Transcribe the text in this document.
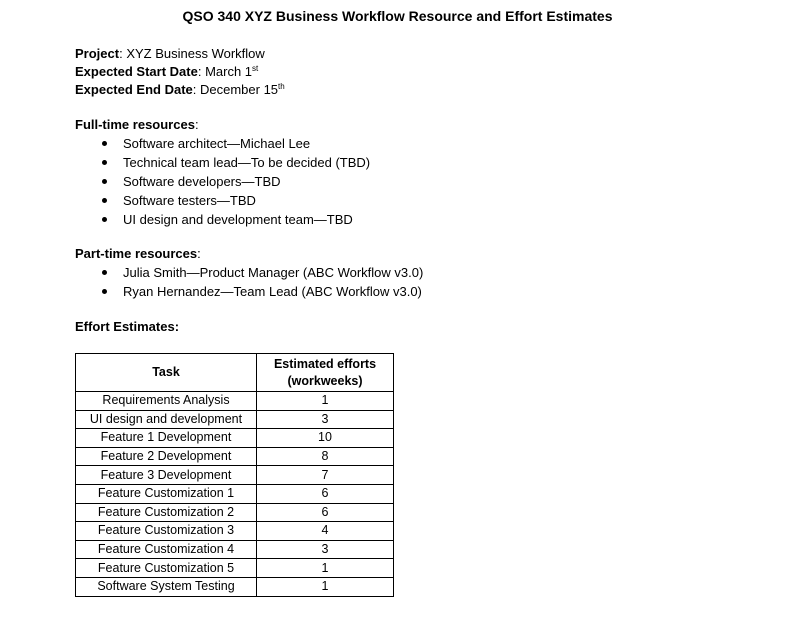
QSO 340 XYZ Business Workflow Resource and Effort Estimates
Project: XYZ Business Workflow
Expected Start Date: March 1st
Expected End Date: December 15th
Full-time resources:
Software architect—Michael Lee
Technical team lead—To be decided (TBD)
Software developers—TBD
Software testers—TBD
UI design and development team—TBD
Part-time resources:
Julia Smith—Product Manager (ABC Workflow v3.0)
Ryan Hernandez—Team Lead (ABC Workflow v3.0)
Effort Estimates:
Task	Estimated efforts
(workweeks)

Requirements Analysis	1
UI design and development	3
Feature 1 Development	10
Feature 2 Development	8
Feature 3 Development	7
Feature Customization 1	6
Feature Customization 2	6
Feature Customization 3	4
Feature Customization 4	3
Feature Customization 5	1
Software System Testing	1
